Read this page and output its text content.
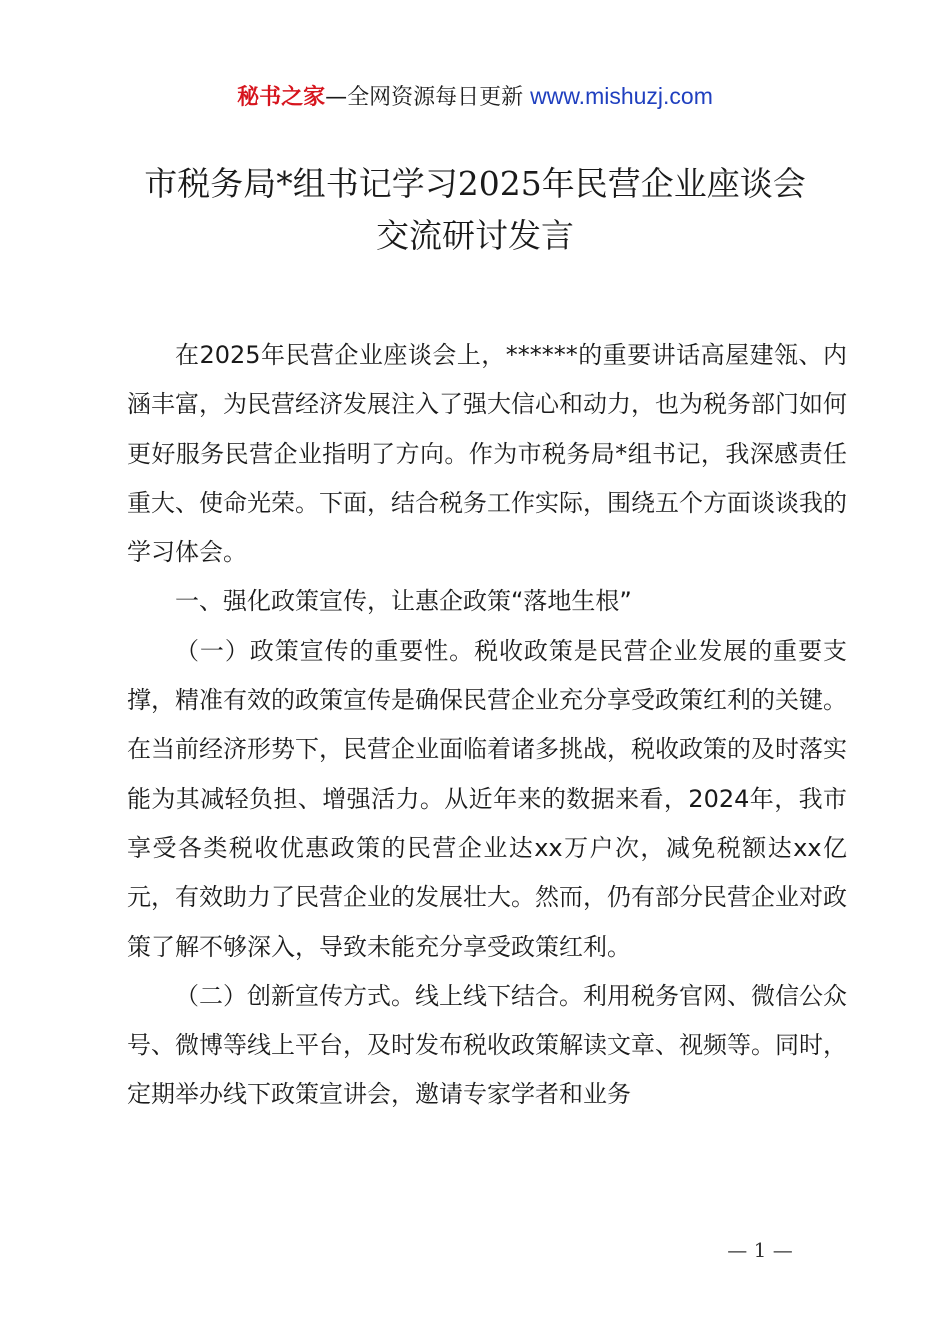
秘书之家—全网资源每日更新 www.mishuzj.com
市税务局*组书记学习2025年民营企业座谈会
交流研讨发言

在2025年民营企业座谈会上，******的重要讲话高屋建瓴、内涵丰富，为民营经济发展注入了强大信心和动力，也为税务部门如何更好服务民营企业指明了方向。作为市税务局*组书记，我深感责任重大、使命光荣。下面，结合税务工作实际，围绕五个方面谈谈我的学习体会。

一、强化政策宣传，让惠企政策“落地生根”

（一）政策宣传的重要性。税收政策是民营企业发展的重要支撑，精准有效的政策宣传是确保民营企业充分享受政策红利的关键。在当前经济形势下，民营企业面临着诸多挑战，税收政策的及时落实能为其减轻负担、增强活力。从近年来的数据来看，2024年，我市享受各类税收优惠政策的民营企业达xx万户次，减免税额达xx亿元，有效助力了民营企业的发展壮大。然而，仍有部分民营企业对政策了解不够深入，导致未能充分享受政策红利。

（二）创新宣传方式。线上线下结合。利用税务官网、微信公众号、微博等线上平台，及时发布税收政策解读文章、视频等。同时，定期举办线下政策宣讲会，邀请专家学者和业务

— 1 —
